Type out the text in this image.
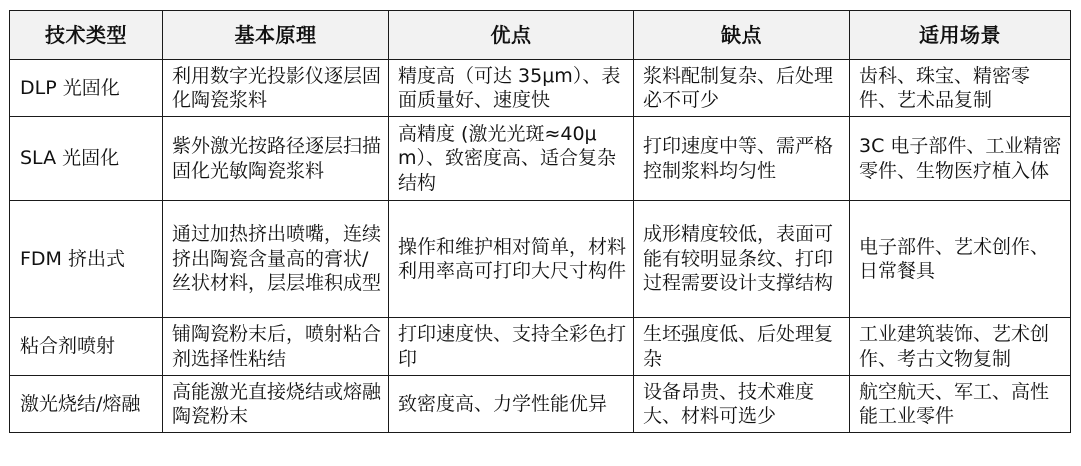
技术类型	基本原理	优点	缺点	适用场景
DLP 光固化	利用数字光投影仪逐层固化陶瓷浆料	精度高（可达 35μm）、表面质量好、速度快	浆料配制复杂、后处理必不可少	齿科、珠宝、精密零件、艺术品复制
SLA 光固化	紫外激光按路径逐层扫描固化光敏陶瓷浆料	高精度 (激光光斑≈40μm）、致密度高、适合复杂结构	打印速度中等、需严格控制浆料均匀性	3C 电子部件、工业精密零件、生物医疗植入体
FDM 挤出式	通过加热挤出喷嘴，连续挤出陶瓷含量高的膏状/丝状材料，层层堆积成型	操作和维护相对简单，材料利用率高可打印大尺寸构件	成形精度较低，表面可能有较明显条纹、打印过程需要设计支撑结构	电子部件、艺术创作、日常餐具
粘合剂喷射	铺陶瓷粉末后，喷射粘合剂选择性粘结	打印速度快、支持全彩色打印	生坯强度低、后处理复杂	工业建筑装饰、艺术创作、考古文物复制
激光烧结/熔融	高能激光直接烧结或熔融陶瓷粉末	致密度高、力学性能优异	设备昂贵、技术难度大、材料可选少	航空航天、军工、高性能工业零件
